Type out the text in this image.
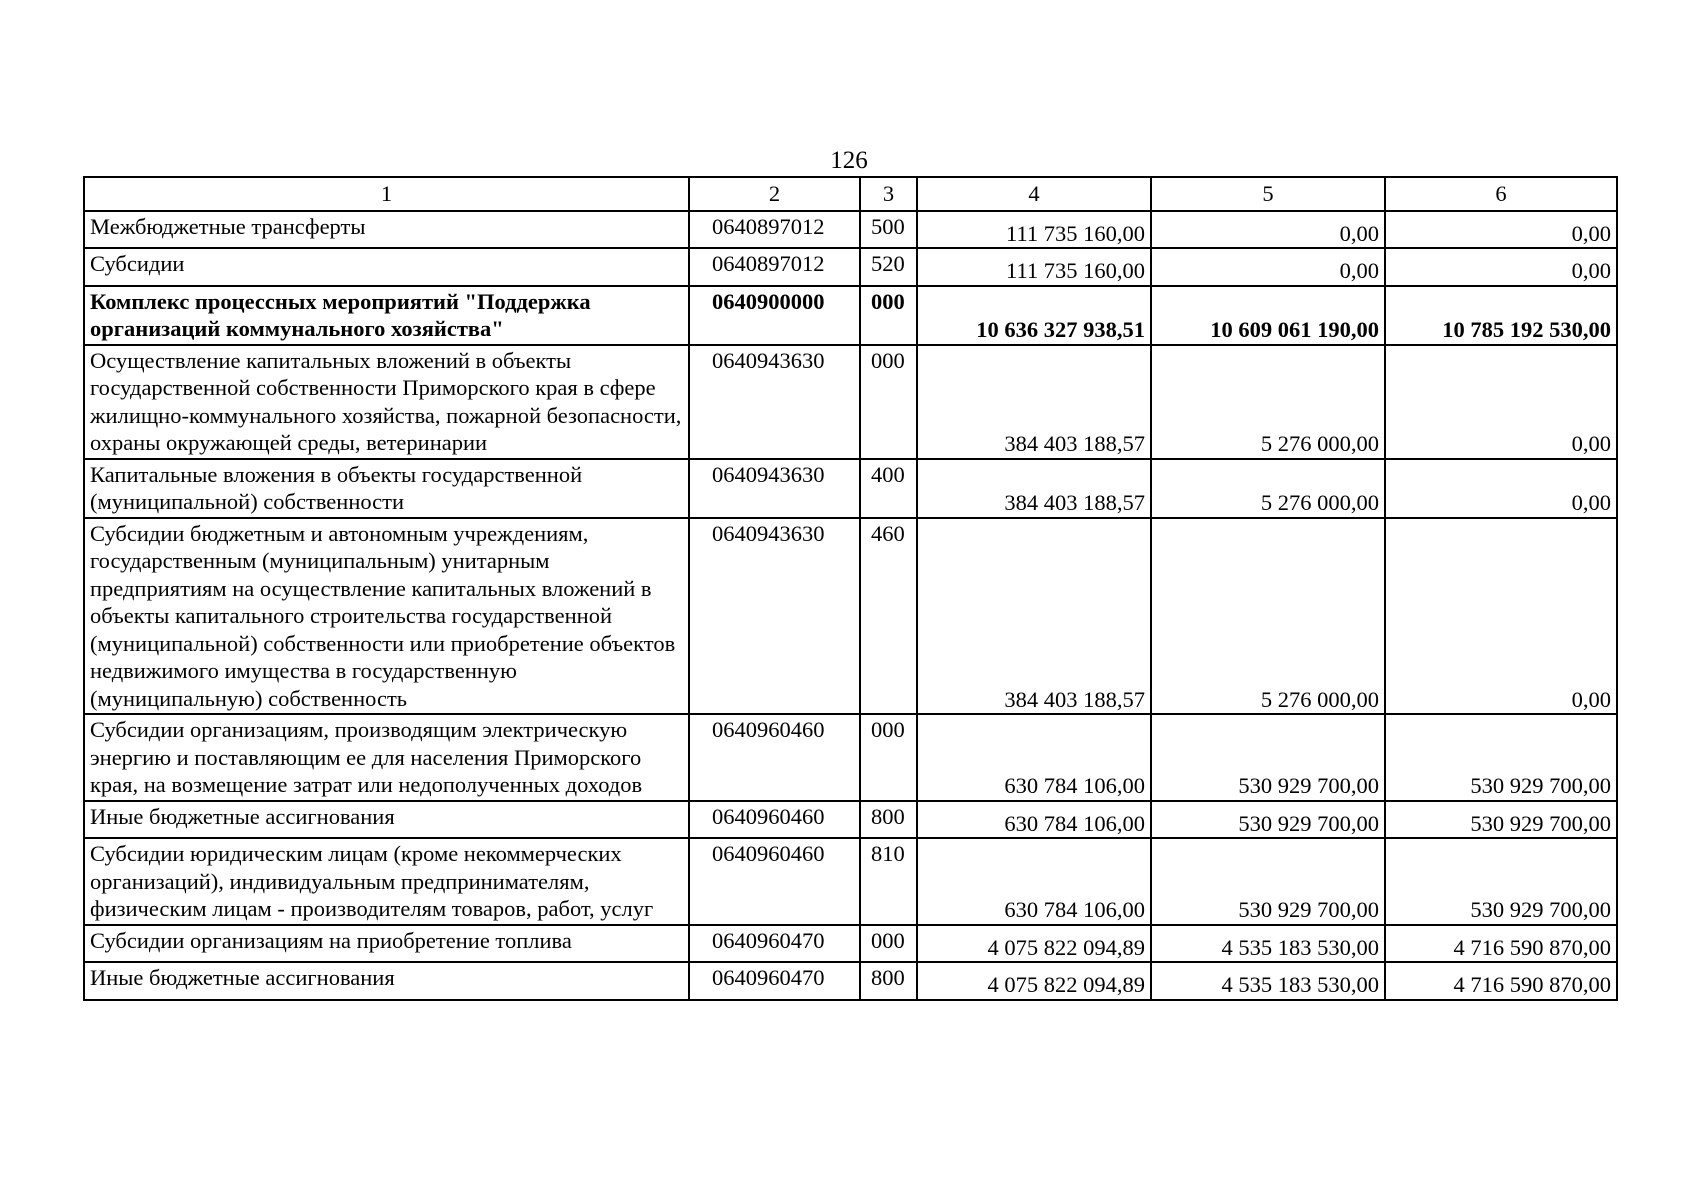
126
1	2	3	4	5	6
Межбюджетные трансферты	0640897012	500	111 735 160,00	0,00	0,00
Субсидии	0640897012	520	111 735 160,00	0,00	0,00
Комплекс процессных мероприятий "Поддержка организаций коммунального хозяйства"	0640900000	000	10 636 327 938,51	10 609 061 190,00	10 785 192 530,00
Осуществление капитальных вложений в объекты государственной собственности Приморского края в сфере жилищно-коммунального хозяйства, пожарной безопасности, охраны окружающей среды, ветеринарии	0640943630	000	384 403 188,57	5 276 000,00	0,00
Капитальные вложения в объекты государственной (муниципальной) собственности	0640943630	400	384 403 188,57	5 276 000,00	0,00
Субсидии бюджетным и автономным учреждениям, государственным (муниципальным) унитарным предприятиям на осуществление капитальных вложений в объекты капитального строительства государственной (муниципальной) собственности или приобретение объектов недвижимого имущества в государственную (муниципальную) собственность	0640943630	460	384 403 188,57	5 276 000,00	0,00
Субсидии организациям, производящим электрическую энергию и поставляющим ее для населения Приморского края, на возмещение затрат или недополученных доходов	0640960460	000	630 784 106,00	530 929 700,00	530 929 700,00
Иные бюджетные ассигнования	0640960460	800	630 784 106,00	530 929 700,00	530 929 700,00
Субсидии юридическим лицам (кроме некоммерческих организаций), индивидуальным предпринимателям, физическим лицам - производителям товаров, работ, услуг	0640960460	810	630 784 106,00	530 929 700,00	530 929 700,00
Субсидии организациям на приобретение топлива	0640960470	000	4 075 822 094,89	4 535 183 530,00	4 716 590 870,00
Иные бюджетные ассигнования	0640960470	800	4 075 822 094,89	4 535 183 530,00	4 716 590 870,00
